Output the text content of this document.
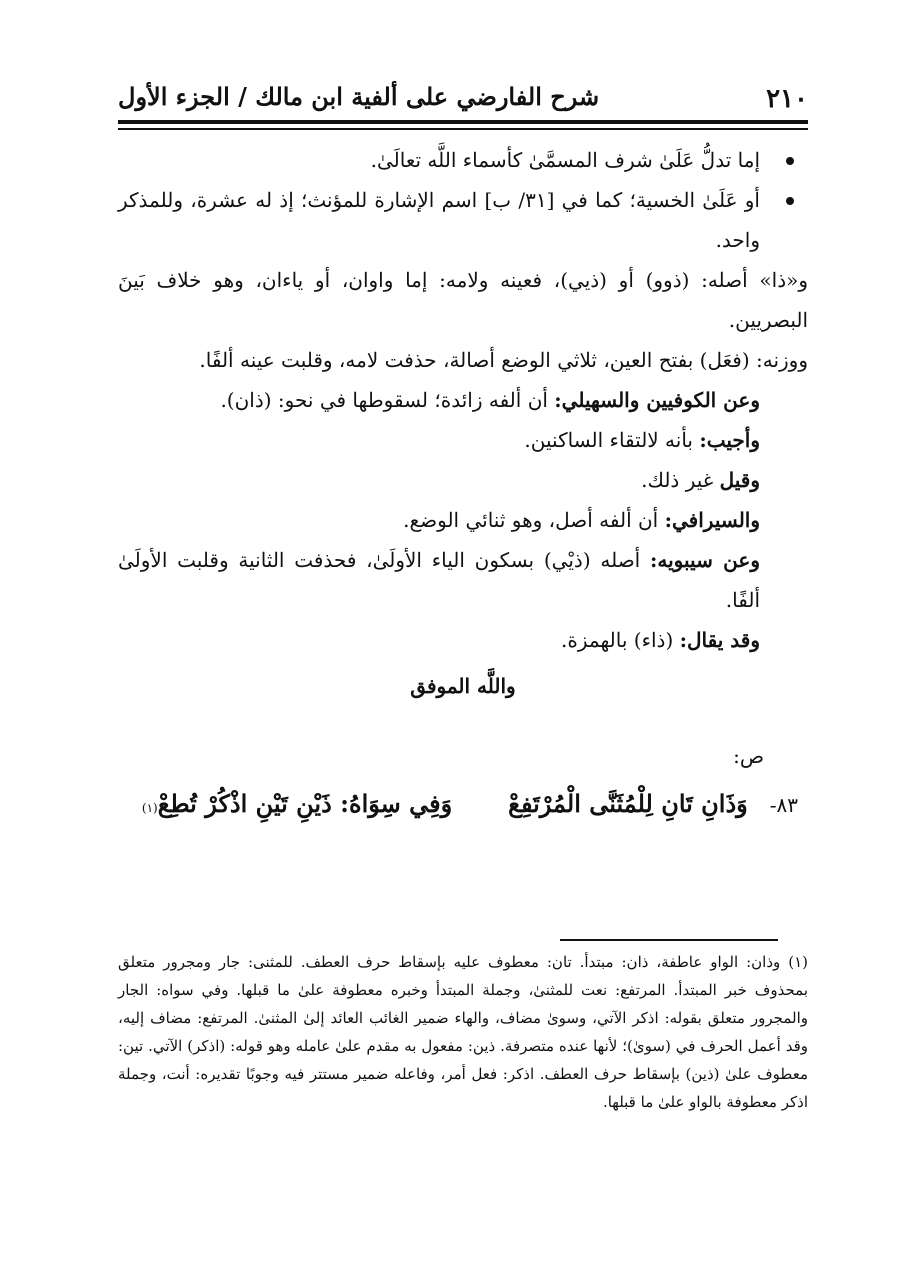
٢١٠
شرح الفارضي على ألفية ابن مالك / الجزء الأول
إما تدلُّ عَلَىٰ شرف المسمَّىٰ كأسماء اللَّه تعالَىٰ.
أو عَلَىٰ الخسية؛ كما في [٣١/ ب] اسم الإشارة للمؤنث؛ إذ له عشرة، وللمذكر واحد.

و«ذا» أصله: (ذوو) أو (ذيي)، فعينه ولامه: إما واوان، أو ياءان، وهو خلاف بَينَ البصريين.

ووزنه: (فعَل) بفتح العين، ثلاثي الوضع أصالة، حذفت لامه، وقلبت عينه ألفًا.

وعن الكوفيين والسهيلي: أن ألفه زائدة؛ لسقوطها في نحو: (ذان).

وأجيب: بأنه لالتقاء الساكنين.

وقيل غير ذلك.

والسيرافي: أن ألفه أصل، وهو ثنائي الوضع.

وعن سيبويه: أصله (ذيْي) بسكون الياء الأولَىٰ، فحذفت الثانية وقلبت الأولَىٰ ألفًا.

وقد يقال: (ذاء) بالهمزة.

واللَّه الموفق

ص:

٨٣-
وَذَانِ تَانِ لِلْمُثَنَّى الْمُرْتَفِعْ
وَفِي سِوَاهُ: ذَيْنِ تَيْنِ اذْكُرْ تُطِعْ
(١)

(١) وذان: الواو عاطفة، ذان: مبتدأ. تان: معطوف عليه بإسقاط حرف العطف. للمثنى: جار ومجرور متعلق بمحذوف خبر المبتدأ. المرتفع: نعت للمثنىٰ، وجملة المبتدأ وخبره معطوفة علىٰ ما قبلها. وفي سواه: الجار والمجرور متعلق بقوله: اذكر الآتي، وسوىٰ مضاف، والهاء ضمير الغائب العائد إلىٰ المثنىٰ. المرتفع: مضاف إليه، وقد أعمل الحرف في (سوىٰ)؛ لأنها عنده متصرفة. ذين: مفعول به مقدم علىٰ عامله وهو قوله: (اذكر) الآتي. تين: معطوف علىٰ (ذين) بإسقاط حرف العطف. اذكر: فعل أمر، وفاعله ضمير مستتر فيه وجوبًا تقديره: أنت، وجملة اذكر معطوفة بالواو علىٰ ما قبلها.
